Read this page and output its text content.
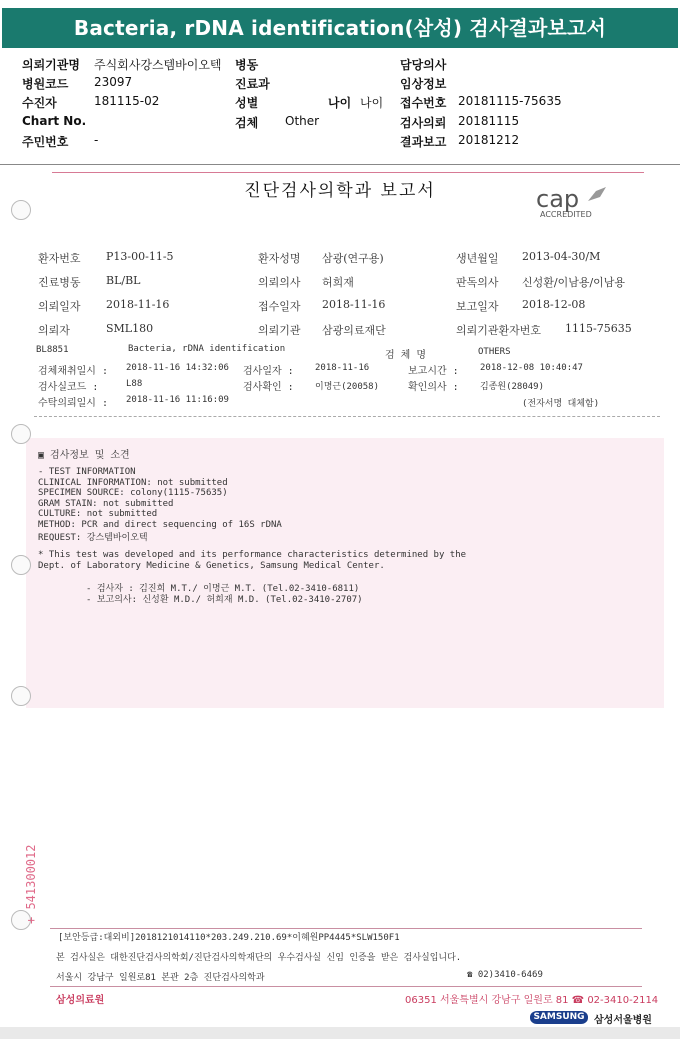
Bacteria, rDNA identification(삼성) 검사결과보고서
의뢰기관명 주식회사강스템바이오텍 병동	담당의사
병원코드 23097	진료과	임상정보
수진자	181115-02	성별	나이 나이 접수번호 20181115-75635
Chart No.	검체 Other	검사의뢰 20181115
주민번호 -	결과보고 20181212
진단검사의학과 보고서	cap
ACCREDITED
환자번호 P13-00-11-5	환자성명 삼광(연구용)	생년월일 2013-04-30/M
진료병동 BL/BL	의뢰의사 허희재	판독의사 신성환/이남용/이남용
의뢰일자 2018-11-16	접수일자 2018-11-16	보고일자 2018-12-08
의뢰자	SML180	의뢰기관 삼광의료재단	의뢰기관환자번호 1115-75635
BL8851	Bacteria, rDNA identification
검 체 명	OTHERS
검체채취일시 : 2018-11-16 14:32:06 검사일자 : 2018-11-16	보고시간 : 2018-12-08 10:40:47
검사실코드 :	L88	검사확인 : 이명근(20058)	확인의사 : 김종원(28049)
수탁의뢰일시 : 2018-11-16 11:16:09	(전자서명 대체함)
▣ 검사정보 및 소견
- TEST INFORMATION
CLINICAL INFORMATION: not submitted
SPECIMEN SOURCE: colony(1115-75635)
GRAM STAIN: not submitted
CULTURE: not submitted
METHOD: PCR and direct sequencing of 16S rDNA
REQUEST: 강스템바이오텍
* This test was developed and its performance characteristics determined by the
Dept. of Laboratory Medicine & Genetics, Samsung Medical Center.
- 검사자 : 김진희 M.T./ 이명근 M.T. (Tel.02-3410-6811)
- 보고의사: 신성환 M.D./ 허희재 M.D. (Tel.02-3410-2707)
+ 541300012
[보안등급:대외비]2018121014110*203.249.210.69*이혜원PP4445*SLW150F1
본 검사실은 대한진단검사의학회/진단검사의학재단의 우수검사실 신임 인증을 받은 검사실입니다.
서울시 강남구 일원로81 본관 2층 진단검사의학과	☎ 02)3410-6469
삼성의료원	06351 서울특별시 강남구 일원로 81 ☎ 02-3410-2114
SAMSUNG 삼성서울병원
